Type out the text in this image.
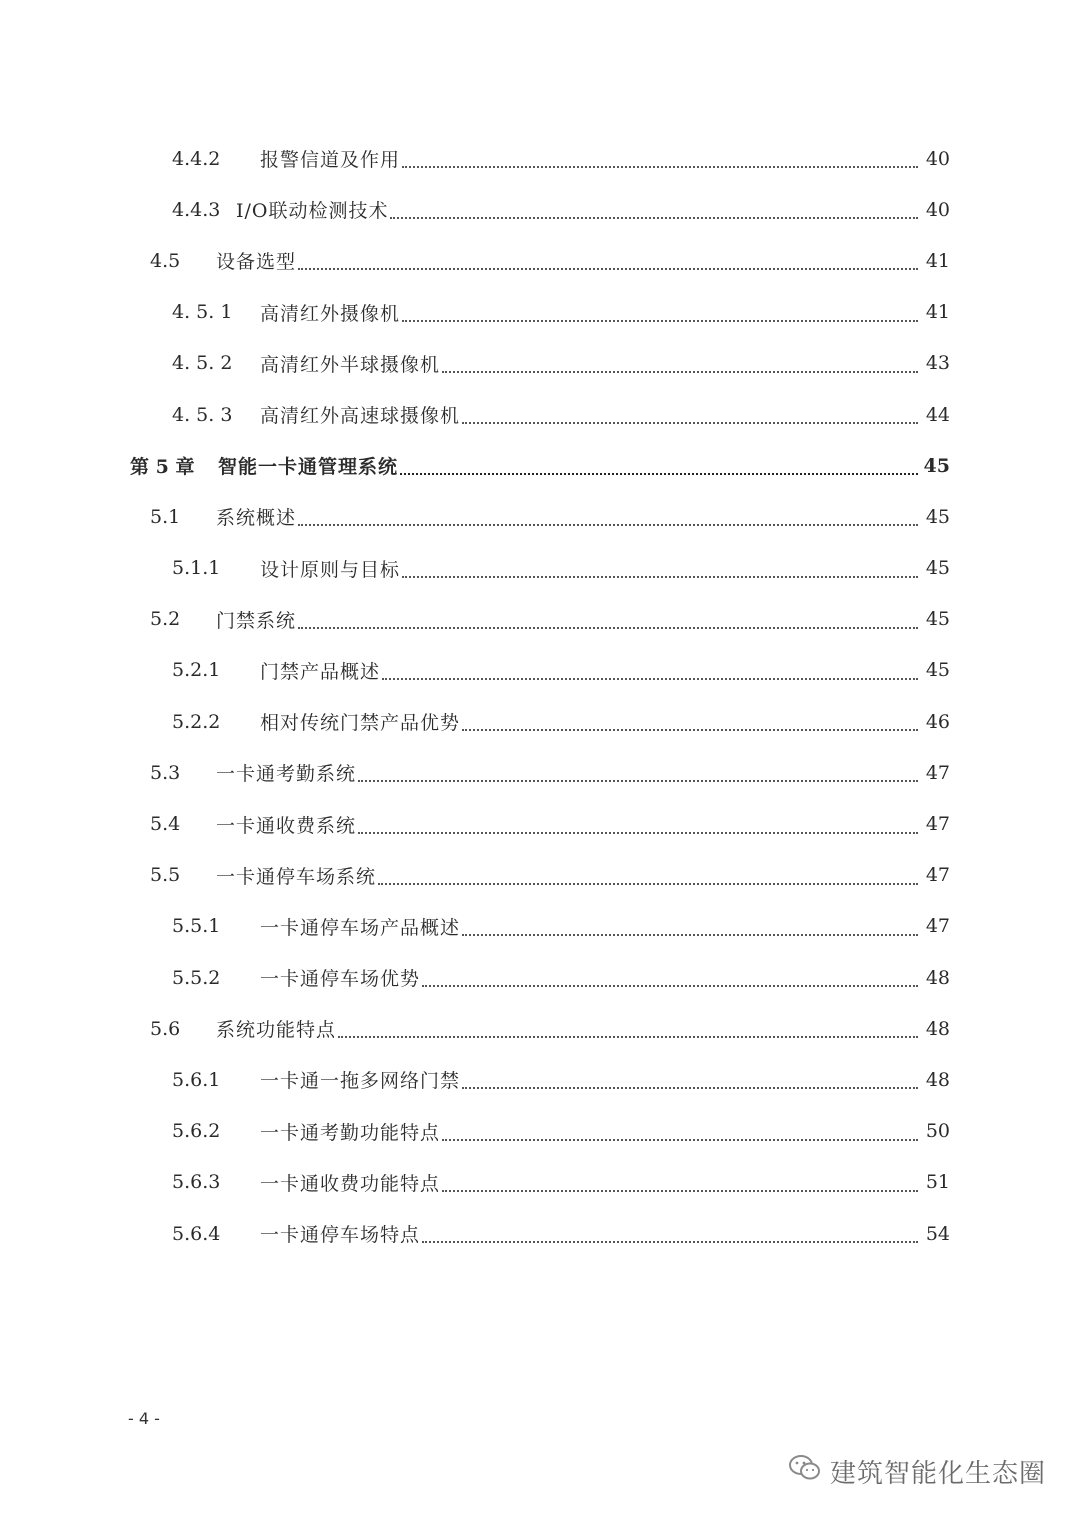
4.4.2	报警信道及作用	40
4.4.3 I/O联动检测技术	40
4.5	设备选型	41
4. 5. 1	高清红外摄像机	41
4. 5. 2	高清红外半球摄像机	43
4. 5. 3	高清红外高速球摄像机	44
第 5 章	智能一卡通管理系统	45
5.1	系统概述	45
5.1.1	设计原则与目标	45
5.2	门禁系统	45
5.2.1	门禁产品概述	45
5.2.2	相对传统门禁产品优势	46
5.3	一卡通考勤系统	47
5.4	一卡通收费系统	47
5.5	一卡通停车场系统	47
5.5.1	一卡通停车场产品概述	47
5.5.2	一卡通停车场优势	48
5.6	系统功能特点	48
5.6.1	一卡通一拖多网络门禁	48
5.6.2	一卡通考勤功能特点	50
5.6.3	一卡通收费功能特点	51
5.6.4	一卡通停车场特点	54
- 4 -
建筑智能化生态圈
